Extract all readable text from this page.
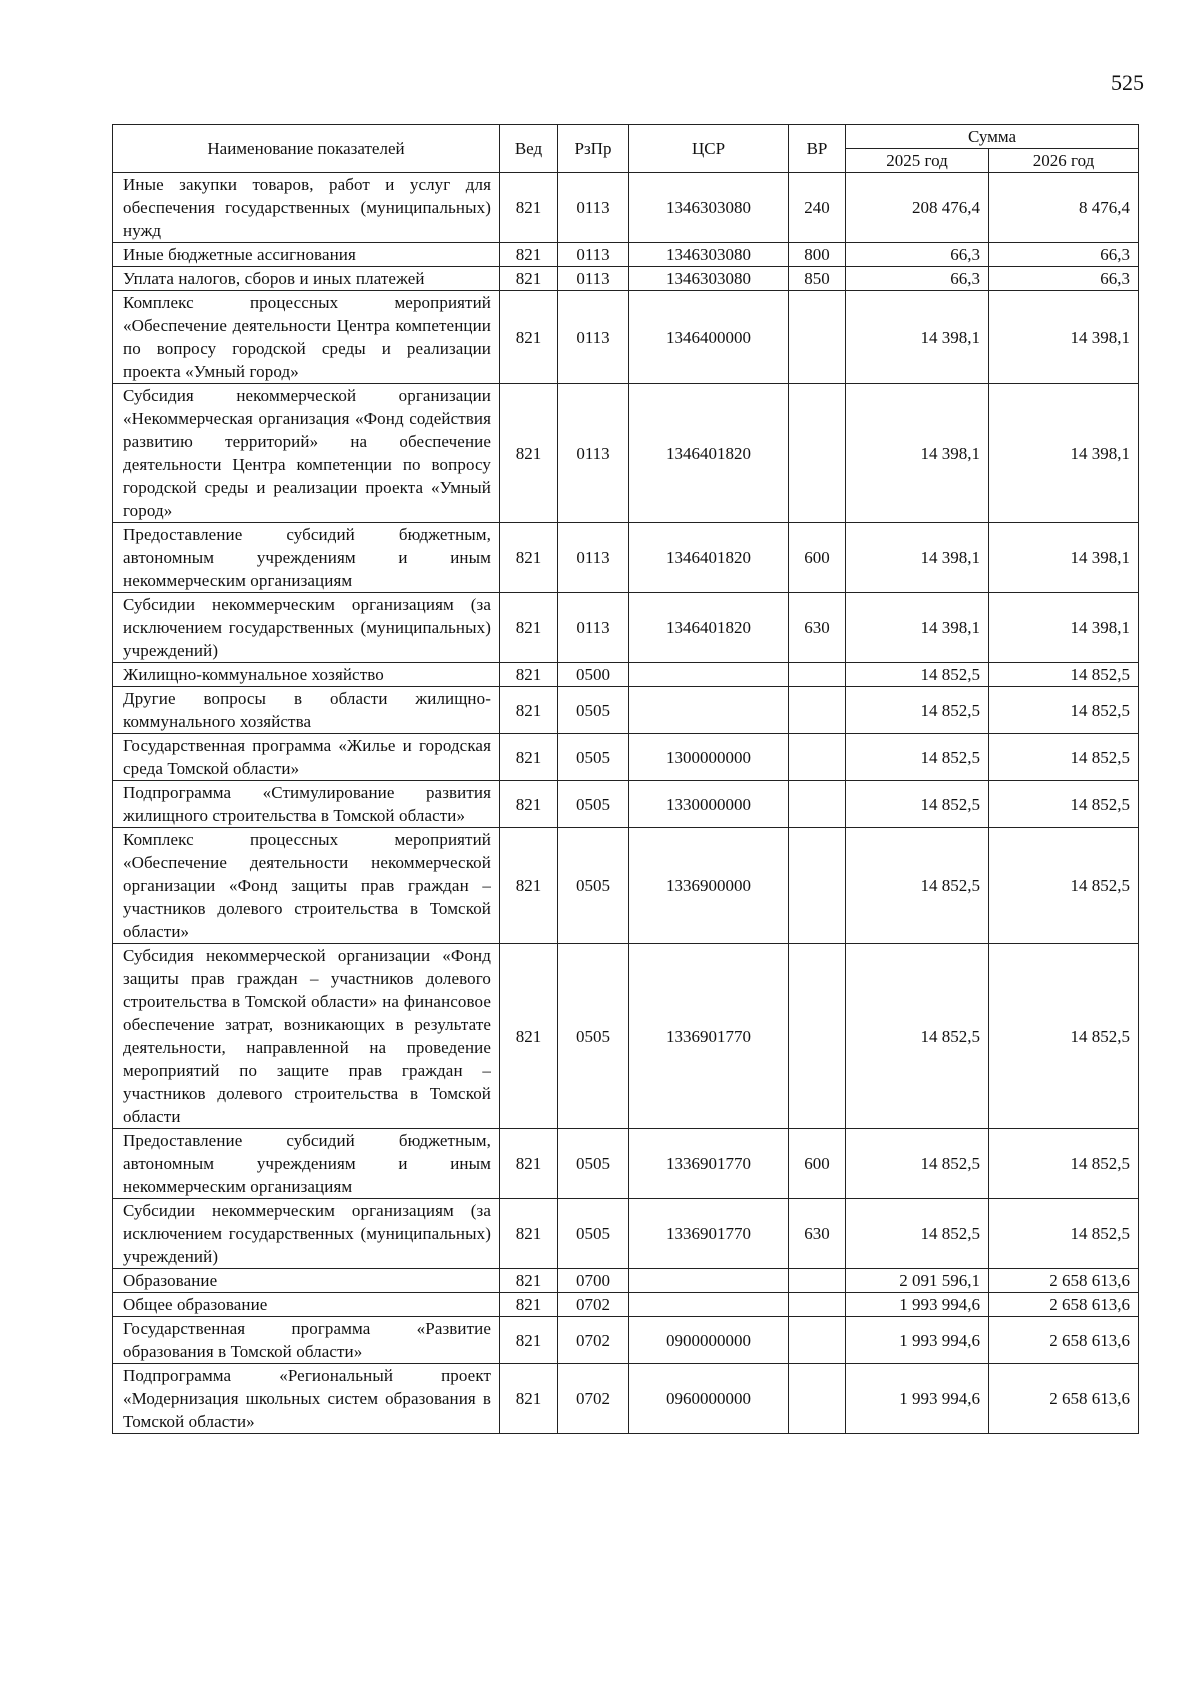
525
Наименование показателей	Вед	РзПр	ЦСР	ВР	Сумма	
					2025 год	2026 год
Иные закупки товаров, работ и услуг для обеспечения государственных (муниципальных) нужд	821	0113	1346303080	240	208 476,4	8 476,4
Иные бюджетные ассигнования	821	0113	1346303080	800	66,3	66,3
Уплата налогов, сборов и иных платежей	821	0113	1346303080	850	66,3	66,3
Комплекс процессных мероприятий «Обеспечение деятельности Центра компетенции по вопросу городской среды и реализации проекта «Умный город»	821	0113	1346400000		14 398,1	14 398,1
Субсидия некоммерческой организации «Некоммерческая организация «Фонд содействия развитию территорий» на обеспечение деятельности Центра компетенции по вопросу городской среды и реализации проекта «Умный город»	821	0113	1346401820		14 398,1	14 398,1
Предоставление субсидий бюджетным, автономным учреждениям и иным некоммерческим организациям	821	0113	1346401820	600	14 398,1	14 398,1
Субсидии некоммерческим организациям (за исключением государственных (муниципальных) учреждений)	821	0113	1346401820	630	14 398,1	14 398,1
Жилищно-коммунальное хозяйство	821	0500			14 852,5	14 852,5
Другие вопросы в области жилищно-коммунального хозяйства	821	0505			14 852,5	14 852,5
Государственная программа «Жилье и городская среда Томской области»	821	0505	1300000000		14 852,5	14 852,5
Подпрограмма «Стимулирование развития жилищного строительства в Томской области»	821	0505	1330000000		14 852,5	14 852,5
Комплекс процессных мероприятий «Обеспечение деятельности некоммерческой организации «Фонд защиты прав граждан – участников долевого строительства в Томской области»	821	0505	1336900000		14 852,5	14 852,5
Субсидия некоммерческой организации «Фонд защиты прав граждан – участников долевого строительства в Томской области» на финансовое обеспечение затрат, возникающих в результате деятельности, направленной на проведение мероприятий по защите прав граждан – участников долевого строительства в Томской области	821	0505	1336901770		14 852,5	14 852,5
Предоставление субсидий бюджетным, автономным учреждениям и иным некоммерческим организациям	821	0505	1336901770	600	14 852,5	14 852,5
Субсидии некоммерческим организациям (за исключением государственных (муниципальных) учреждений)	821	0505	1336901770	630	14 852,5	14 852,5
Образование	821	0700			2 091 596,1	2 658 613,6
Общее образование	821	0702			1 993 994,6	2 658 613,6
Государственная программа «Развитие образования в Томской области»	821	0702	0900000000		1 993 994,6	2 658 613,6
Подпрограмма «Региональный проект «Модернизация школьных систем образования в Томской области»	821	0702	0960000000		1 993 994,6	2 658 613,6
